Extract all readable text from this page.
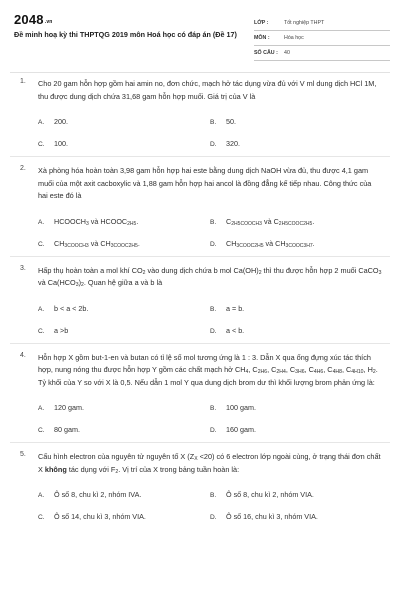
$2048^{.vn}$
Đề minh hoạ kỳ thi THPTQG 2019 môn Hoá học có đáp án (Đề 17)
LỚP :	Tốt nghiệp THPT
MÔN :	Hóa học
SỐ CÂU :	40
1. Cho 20 gam hỗn hợp gồm hai amin no, đơn chức, mạch hở tác dụng vừa đủ với V ml dung dịch HCl 1M, thu được dung dịch chứa 31,68 gam hỗn hợp muối. Giá trị của V là
A. 200.	B. 50.
C. 100.	D. 320.
2. Xà phòng hóa hoàn toàn 3,98 gam hỗn hợp hai este bằng dung dịch NaOH vừa đủ, thu được 4,1 gam muối của một axit cacboxylic và 1,88 gam hỗn hợp hai ancol là đồng đẳng kế tiếp nhau. Công thức của hai este đó là
A. $HCOOCH_3$ và $HCOOC_{2H5}$.	B. $C_{2H5COOCH3}$ và $C_{2H5COOC2H5}$.
C. $CH_{3COOCH3}$ và $CH_{3COOC2H5}$.	D. $CH_{3COOC2H5}$ và $CH_{3COOC3H7}$.
3. Hấp thụ hoàn toàn a mol khí $CO_2$ vào dung dịch chứa b mol $Ca(OH)_2$ thì thu được hỗn hợp 2 muối CaCO$_3$ và $Ca(HCO_3)_2$. Quan hệ giữa a và b là
A. b < a < 2b.	B. a = b.
C. a >b	D. a < b.
4. Hỗn hợp X gồm but-1-en và butan có tỉ lệ số mol tương ứng là 1 : 3. Dẫn X qua ống đựng xúc tác thích hợp, nung nóng thu được hỗn hợp Y gồm các chất mạch hở $CH_4$, $C_{2H6}$, $C_{2H4}$, $C_{3H6}$, $C_{4H6}$, $C_{4H8}$, $C_{4H10}$, $H_2$. Tỷ khối của Y so với X là 0,5. Nếu dẫn 1 mol Y qua dung dịch brom dư thì khối lượng brom phản ứng là:
A. 120 gam.	B. 100 gam.
C. 80 gam.	D. 160 gam.
5. Cấu hình electron của nguyên tử nguyên tố X $(Z_X <20)$ có 6 electron lớp ngoài cùng, ở trạng thái đơn chất X không tác dụng với $F_2$. Vị trí của X trong bảng tuần hoàn là:
A. Ô số 8, chu kì 2, nhóm IVA.	B. Ô số 8, chu kì 2, nhóm VIA.
C. Ô số 14, chu kì 3, nhóm VIA.	D. Ô số 16, chu kì 3, nhóm VIA.
